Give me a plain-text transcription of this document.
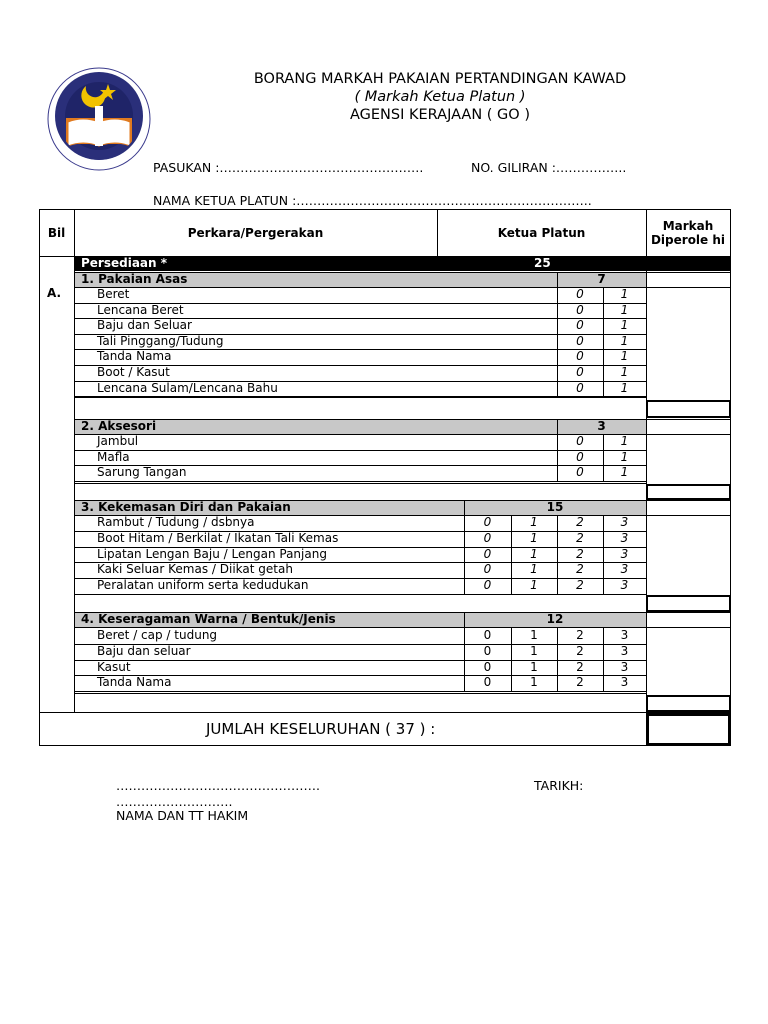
BORANG MARKAH PAKAIAN PERTANDINGAN KAWAD
( Markah Ketua Platun )
AGENSI KERAJAAN ( GO )
PASUKAN :………………………………………….	NO. GILIRAN :……………..
NAMA KETUA PLATUN :……………………………………………………………..
Bil	Perkara/Pergerakan	Ketua Platun	Markah Diperole hi
A.
Persediaan *	25
1. Pakaian Asas	7
Beret	0	1
Lencana Beret	0	1
Baju dan Seluar	0	1
Tali Pinggang/Tudung	0	1
Tanda Nama	0	1
Boot / Kasut	0	1
Lencana Sulam/Lencana Bahu	0	1
2. Aksesori	3
Jambul	0	1
Mafla	0	1
Sarung Tangan	0	1
3. Kekemasan Diri dan Pakaian	15
Rambut / Tudung / dsbnya	0	1	2	3
Boot Hitam / Berkilat / Ikatan Tali Kemas	0	1	2	3
Lipatan Lengan Baju / Lengan Panjang	0	1	2	3
Kaki Seluar Kemas / Diikat getah	0	1	2	3
Peralatan uniform serta kedudukan	0	1	2	3
4. Keseragaman Warna / Bentuk/Jenis	12
Beret / cap / tudung	0	1	2	3
Baju dan seluar	0	1	2	3
Kasut	0	1	2	3
Tanda Nama	0	1	2	3
JUMLAH KESELURUHAN ( 37 ) :
………………………………………….
……………………….
NAMA DAN TT HAKIM
TARIKH:
